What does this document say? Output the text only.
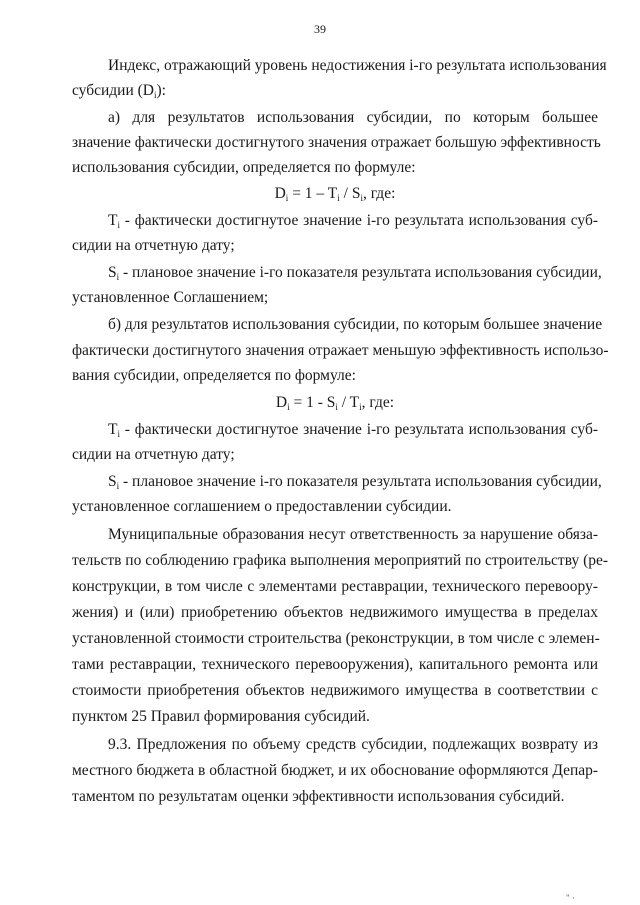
39
Индекс, отражающий уровень недостижения i-го результата использования
субсидии $(D_i)$:
а) для результатов использования субсидии, по которым большее
значение фактически достигнутого значения отражает большую эффективность
использования субсидии, определяется по формуле:
$D_i = 1 - T_i / S_i$, где:
$T_i$ - фактически достигнутое значение i-го результата использования суб-
сидии на отчетную дату;
$S_i$ - плановое значение i-го показателя результата использования субсидии,
установленное Соглашением;
б) для результатов использования субсидии, по которым большее значение
фактически достигнутого значения отражает меньшую эффективность использо-
вания субсидии, определяется по формуле:
$D_i = 1 - S_i / T_i$, где:
$T_i$ - фактически достигнутое значение i-го результата использования суб-
сидии на отчетную дату;
$S_i$ - плановое значение i-го показателя результата использования субсидии,
установленное соглашением о предоставлении субсидии.
Муниципальные образования несут ответственность за нарушение обяза-
тельств по соблюдению графика выполнения мероприятий по строительству (ре-
конструкции, в том числе с элементами реставрации, технического перевоору-
жения) и (или) приобретению объектов недвижимого имущества в пределах
установленной стоимости строительства (реконструкции, в том числе с элемен-
тами реставрации, технического перевооружения), капитального ремонта или
стоимости приобретения объектов недвижимого имущества в соответствии с
пунктом 25 Правил формирования субсидий.
9.3. Предложения по объему средств субсидии, подлежащих возврату из
местного бюджета в областной бюджет, и их обоснование оформляются Депар-
таментом по результатам оценки эффективности использования субсидий.
" ·
